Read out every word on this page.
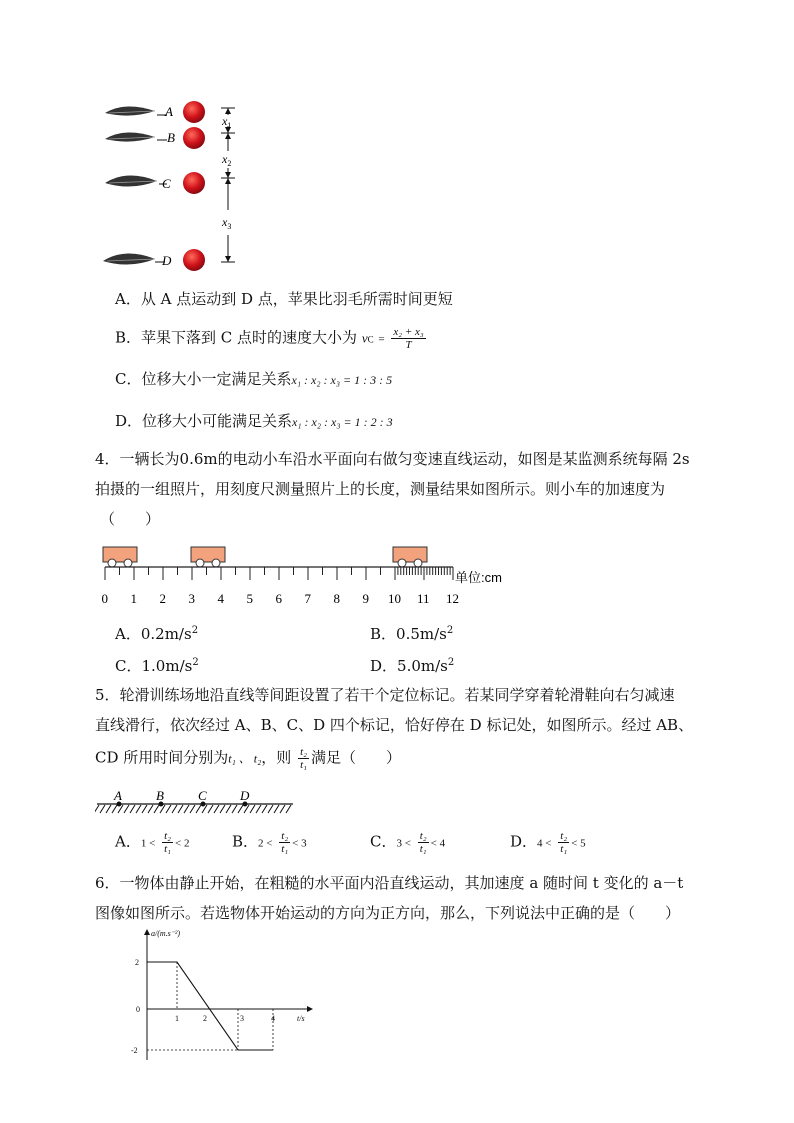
A
B
C
D
$x_1$
$x_2$
$x_3$
A．从 A 点运动到 D 点，苹果比羽毛所需时间更短
B．苹果下落到 C 点时的速度大小为 vC = $\frac{\text{x₂ + x₃}}{T}$
C．位移大小一定满足关系x₁ : x₂ : x₃ = 1 : 3 : 5
D．位移大小可能满足关系x₁ : x₂ : x₃ = 1 : 2 : 3
4．一辆长为0.6m的电动小车沿水平面向右做匀变速直线运动，如图是某监测系统每隔 2s
拍摄的一组照片，用刻度尺测量照片上的长度，测量结果如图所示。则小车的加速度为
（　　）
0 1 2 3 4 5 6 7 8 9 10 11 12
单位:cm
A．$0.2m/s^2$	B．$0.5m/s^2$
C．$1.0m/s^2$	D．$5.0m/s^2$
5．轮滑训练场地沿直线等间距设置了若干个定位标记。若某同学穿着轮滑鞋向右匀减速
直线滑行，依次经过 A、B、C、D 四个标记，恰好停在 D 标记处，如图所示。经过 AB、
CD 所用时间分别为t₁ 、 t₂，则 $\frac{\text{t₂}}{\text{t₁}}$ 满足（　　）
A	B	C	D
A．$1 < \frac{\text{t₂}}{\text{t₁}} < 2$	B．$2 < \frac{\text{t₂}}{\text{t₁}} < 3$	C．$3 < \frac{\text{t₂}}{\text{t₁}} < 4$	D．$4 < \frac{\text{t₂}}{\text{t₁}} < 5$
6．一物体由静止开始，在粗糙的水平面内沿直线运动，其加速度 a 随时间 t 变化的 a－t
图像如图所示。若选物体开始运动的方向为正方向，那么，下列说法中正确的是（　　）
a/(m.s⁻²)
t/s
2
0
-2
1	2	3	4
